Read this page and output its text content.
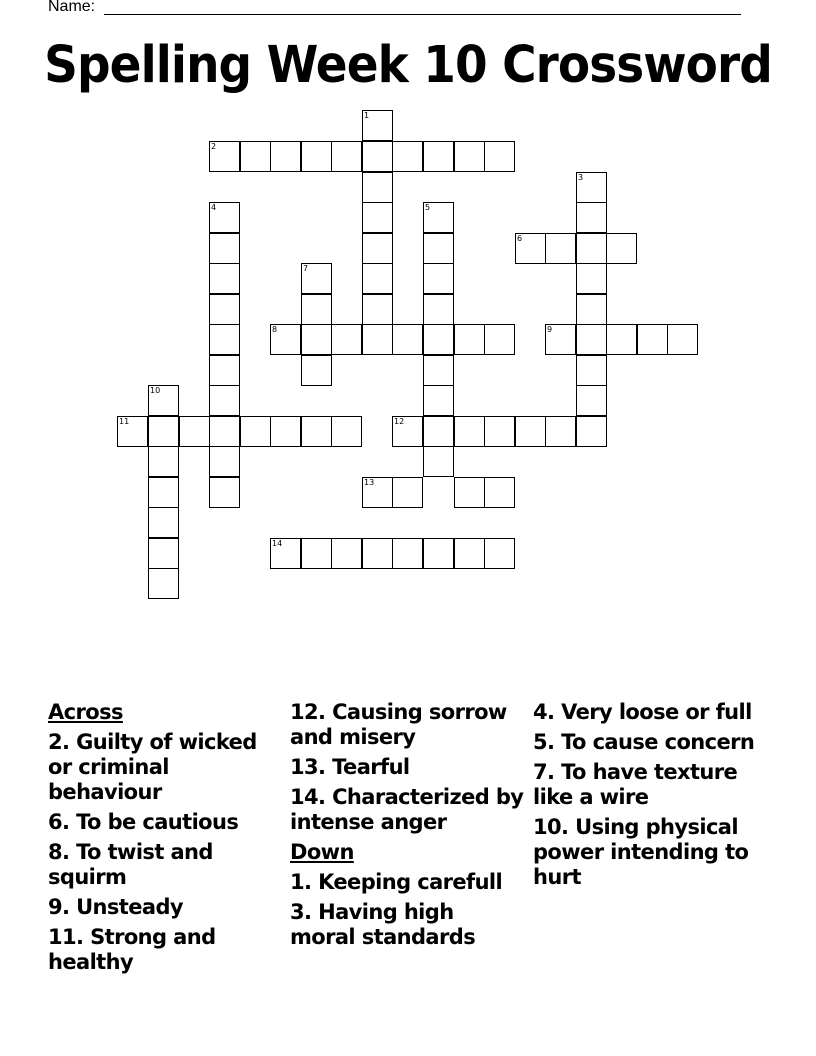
Name:
Spelling Week 10 Crossword
1
2
3
4	5
6
7
8	9
10
11	12
13
14
Across
2. Guilty of wicked or criminal behaviour
6. To be cautious
8. To twist and squirm
9. Unsteady
11. Strong and healthy
12. Causing sorrow and misery
13. Tearful
14. Characterized by intense anger
Down
1. Keeping carefull
3. Having high moral standards
4. Very loose or full
5. To cause concern
7. To have texture like a wire
10. Using physical power intending to hurt
